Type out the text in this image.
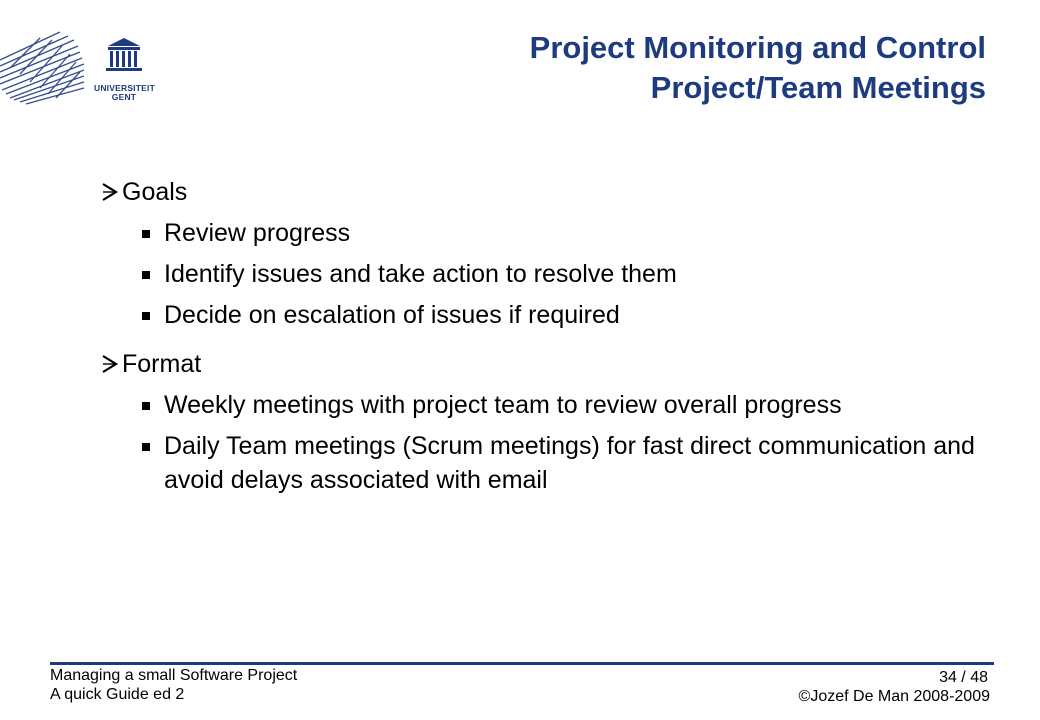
UNIVERSITEIT
GENT
Project Monitoring and Control
Project/Team Meetings
Goals
Review progress
Identify issues and take action to resolve them
Decide on escalation of issues if required
Format
Weekly meetings with project team to review overall progress
Daily Team meetings (Scrum meetings) for fast direct communication and avoid delays associated with email
Managing a small Software Project
A quick Guide ed 2
34 / 48
©Jozef De Man 2008-2009
